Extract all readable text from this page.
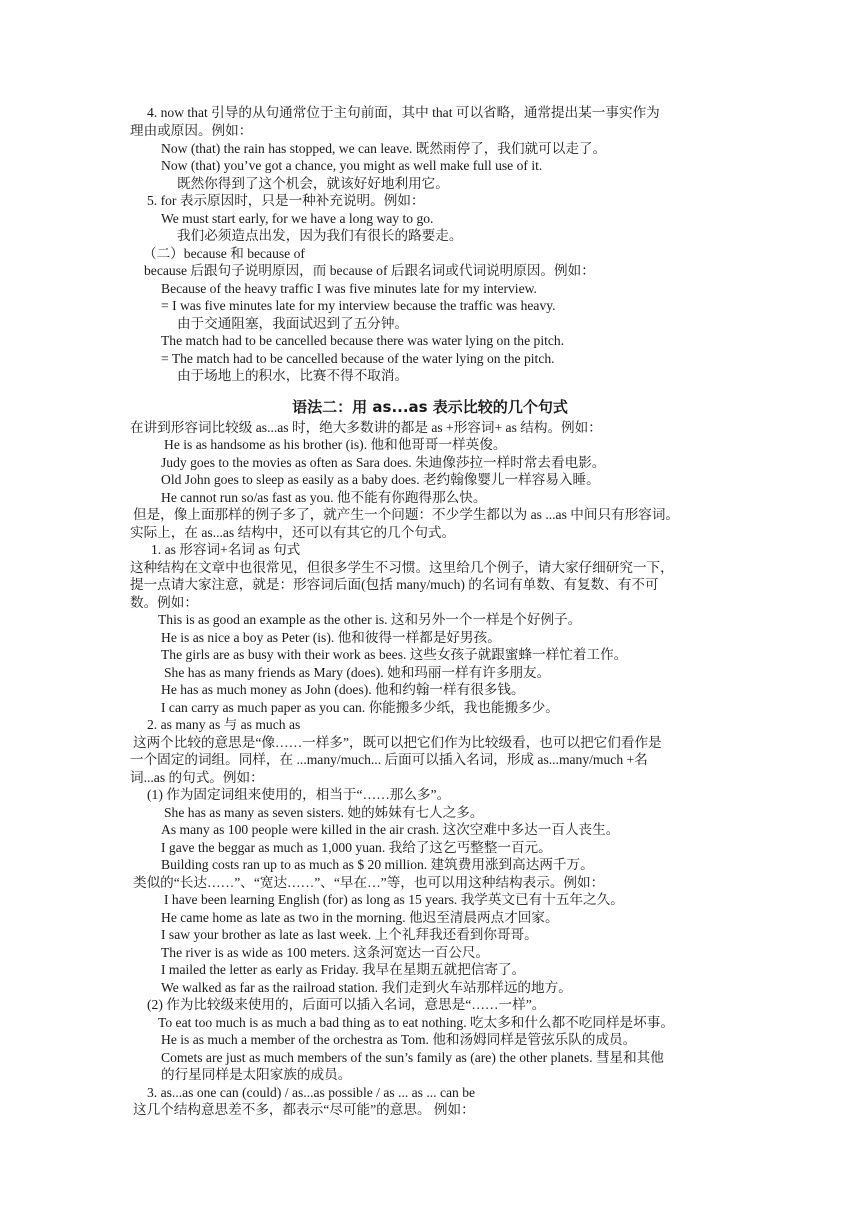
4. now that 引导的从句通常位于主句前面，其中 that 可以省略，通常提出某一事实作为
理由或原因。例如：
Now (that) the rain has stopped, we can leave. 既然雨停了，我们就可以走了。
Now (that) you’ve got a chance, you might as well make full use of it.
既然你得到了这个机会，就该好好地利用它。
5. for 表示原因时，只是一种补充说明。例如：
We must start early, for we have a long way to go.
我们必须造点出发，因为我们有很长的路要走。
（二）because 和 because of
because 后跟句子说明原因，而 because of 后跟名词或代词说明原因。例如：
Because of the heavy traffic I was five minutes late for my interview.
= I was five minutes late for my interview because the traffic was heavy.
由于交通阻塞，我面试迟到了五分钟。
The match had to be cancelled because there was water lying on the pitch.
= The match had to be cancelled because of the water lying on the pitch.
由于场地上的积水，比赛不得不取消。
语法二：用 as...as 表示比较的几个句式
在讲到形容词比较级 as...as 时，绝大多数讲的都是 as +形容词+ as 结构。例如：
He is as handsome as his brother (is). 他和他哥哥一样英俊。
Judy goes to the movies as often as Sara does. 朱迪像莎拉一样时常去看电影。
Old John goes to sleep as easily as a baby does. 老约翰像婴儿一样容易入睡。
He cannot run so/as fast as you. 他不能有你跑得那么快。
但是，像上面那样的例子多了，就产生一个问题：不少学生都以为 as ...as 中间只有形容词。
实际上，在 as...as 结构中，还可以有其它的几个句式。
1. as 形容词+名词 as 句式
这种结构在文章中也很常见，但很多学生不习惯。这里给几个例子，请大家仔细研究一下，
提一点请大家注意，就是：形容词后面(包括 many/much) 的名词有单数、有复数、有不可
数。例如：
This is as good an example as the other is. 这和另外一个一样是个好例子。
He is as nice a boy as Peter (is). 他和彼得一样都是好男孩。
The girls are as busy with their work as bees. 这些女孩子就跟蜜蜂一样忙着工作。
She has as many friends as Mary (does). 她和玛丽一样有许多朋友。
He has as much money as John (does). 他和约翰一样有很多钱。
I can carry as much paper as you can. 你能搬多少纸，我也能搬多少。
2. as many as 与 as much as
这两个比较的意思是“像……一样多”，既可以把它们作为比较级看，也可以把它们看作是
一个固定的词组。同样，在 ...many/much... 后面可以插入名词，形成 as...many/much +名
词...as 的句式。例如：
(1) 作为固定词组来使用的，相当于“……那么多”。
She has as many as seven sisters. 她的姊妹有七人之多。
As many as 100 people were killed in the air crash. 这次空难中多达一百人丧生。
I gave the beggar as much as 1,000 yuan. 我给了这乞丐整整一百元。
Building costs ran up to as much as $ 20 million. 建筑费用涨到高达两千万。
类似的“长达……”、“宽达……”、“早在…”等，也可以用这种结构表示。例如：
I have been learning English (for) as long as 15 years. 我学英文已有十五年之久。
He came home as late as two in the morning. 他迟至清晨两点才回家。
I saw your brother as late as last week. 上个礼拜我还看到你哥哥。
The river is as wide as 100 meters. 这条河宽达一百公尺。
I mailed the letter as early as Friday. 我早在星期五就把信寄了。
We walked as far as the railroad station. 我们走到火车站那样远的地方。
(2) 作为比较级来使用的，后面可以插入名词，意思是“……一样”。
To eat too much is as much a bad thing as to eat nothing. 吃太多和什么都不吃同样是坏事。
He is as much a member of the orchestra as Tom. 他和汤姆同样是管弦乐队的成员。
Comets are just as much members of the sun’s family as (are) the other planets. 彗星和其他
的行星同样是太阳家族的成员。
3. as...as one can (could) / as...as possible / as ... as ... can be
这几个结构意思差不多，都表示“尽可能”的意思。 例如：
